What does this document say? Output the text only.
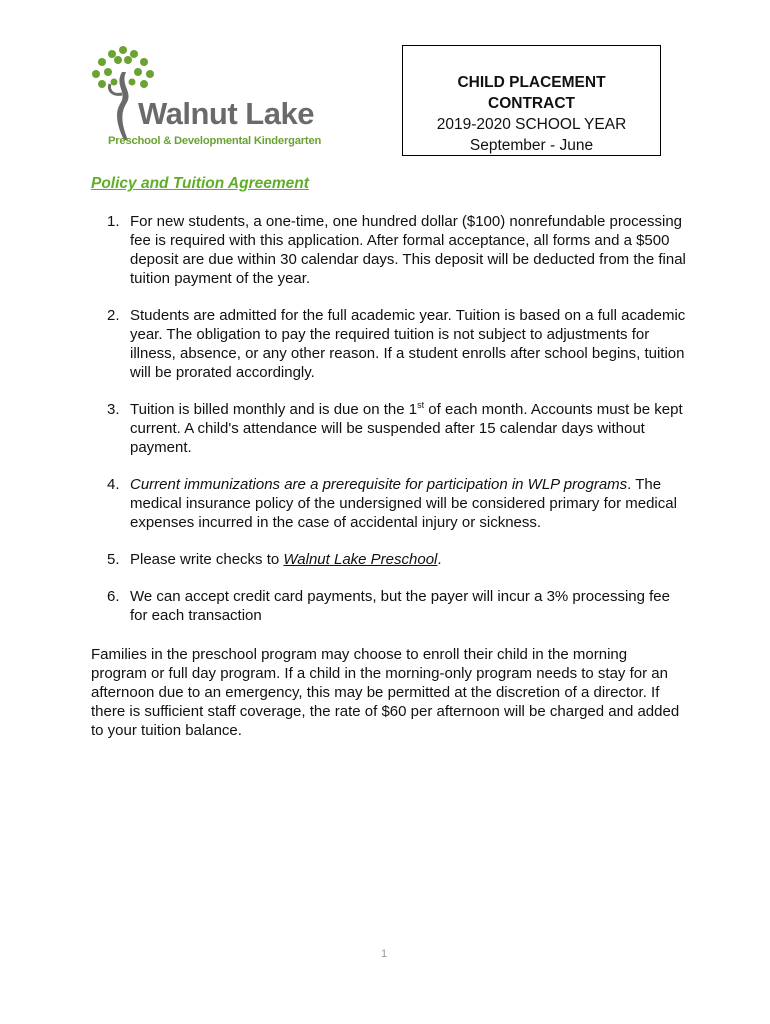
Walnut Lake
Preschool & Developmental Kindergarten
CHILD PLACEMENT
CONTRACT
2019-2020 SCHOOL YEAR
September - June
Policy and Tuition Agreement
1. For new students, a one-time, one hundred dollar ($100) nonrefundable processing fee is required with this application. After formal acceptance, all forms and a $500 deposit are due within 30 calendar days. This deposit will be deducted from the final tuition payment of the year.
2. Students are admitted for the full academic year. Tuition is based on a full academic year. The obligation to pay the required tuition is not subject to adjustments for illness, absence, or any other reason. If a student enrolls after school begins, tuition will be prorated accordingly.
3. Tuition is billed monthly and is due on the 1st of each month. Accounts must be kept current. A child's attendance will be suspended after 15 calendar days without payment.
4. Current immunizations are a prerequisite for participation in WLP programs. The medical insurance policy of the undersigned will be considered primary for medical expenses incurred in the case of accidental injury or sickness.
5. Please write checks to Walnut Lake Preschool.
6. We can accept credit card payments, but the payer will incur a 3% processing fee for each transaction

Families in the preschool program may choose to enroll their child in the morning program or full day program. If a child in the morning-only program needs to stay for an afternoon due to an emergency, this may be permitted at the discretion of a director. If there is sufficient staff coverage, the rate of $60 per afternoon will be charged and added to your tuition balance.

1
